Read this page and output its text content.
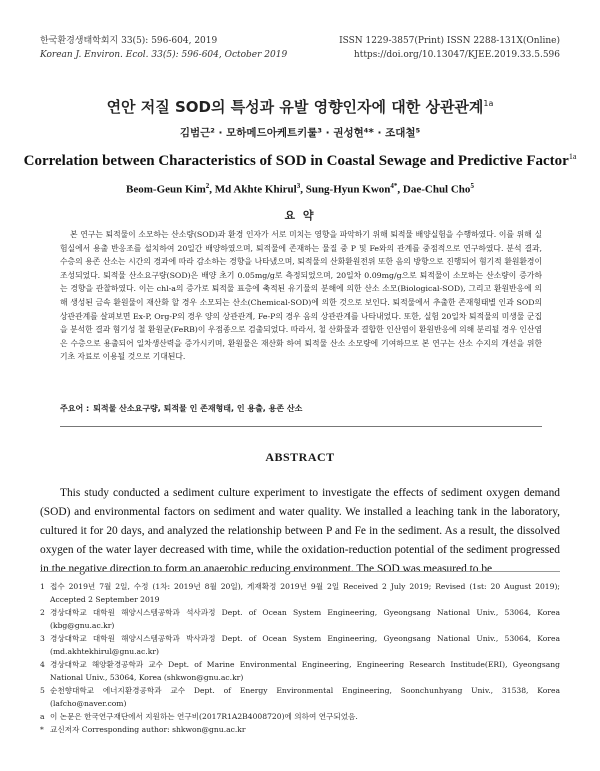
한국환경생태학회지 33(5): 596-604, 2019
Korean J. Environ. Ecol. 33(5): 596-604, October 2019
ISSN 1229-3857(Print) ISSN 2288-131X(Online)
https://doi.org/10.13047/KJEE.2019.33.5.596
연안 저질 SOD의 특성과 유발 영향인자에 대한 상관관계$^{1a}$
김범근² · 모하메드아케트키룰³ · 권성현⁴* · 조대철⁵
Correlation between Characteristics of SOD in Coastal Sewage and Predictive Factor$^{1a}$
Beom-Geun Kim$^2$, Md Akhte Khirul$^3$, Sung-Hyun Kwon$^{4*}$, Dae-Chul Cho$^5$
요 약
본 연구는 퇴적물이 소모하는 산소량(SOD)과 환경 인자가 서로 미치는 영향을 파악하기 위해 퇴적물 배양실험을 수행하였다. 이를 위해 실험실에서 용출 반응조를 설치하여 20일간 배양하였으며, 퇴적물에 존재하는 물질 중 P 및 Fe와의 관계를 중점적으로 연구하였다. 분석 결과, 수층의 용존 산소는 시간의 경과에 따라 감소하는 경향을 나타냈으며, 퇴적물의 산화환원전위 또한 음의 방향으로 진행되어 혐기적 환원환경이 조성되었다. 퇴적물 산소요구량(SOD)은 배양 초기 0.05mg/g로 측정되었으며, 20일차 0.09mg/g으로 퇴적물이 소모하는 산소량이 증가하는 경향을 관찰하였다. 이는 chl-a의 증가로 퇴적물 표층에 축적된 유기물의 분해에 의한 산소 소모(Biological-SOD), 그리고 환원반응에 의해 생성된 금속 환원물이 재산화 할 경우 소모되는 산소(Chemical-SOD)에 의한 것으로 보인다. 퇴적물에서 추출한 존재형태별 인과 SOD의 상관관계를 살펴보면 Ex-P, Org-P의 경우 양의 상관관계, Fe-P의 경우 음의 상관관계를 나타내었다. 또한, 실험 20일차 퇴적물의 미생물 군집을 분석한 결과 혐기성 철 환원균(FeRB)이 우점종으로 검출되었다. 따라서, 철 산화물과 결합한 인산염이 환원반응에 의해 분리될 경우 인산염은 수층으로 용출되어 일차생산력을 증가시키며, 환원물은 재산화 하여 퇴적물 산소 소모량에 기여하므로 본 연구는 산소 수지의 개선을 위한 기초 자료로 이용될 것으로 기대된다.
주요어 : 퇴적물 산소요구량, 퇴적물 인 존재형태, 인 용출, 용존 산소
ABSTRACT
This study conducted a sediment culture experiment to investigate the effects of sediment oxygen demand (SOD) and environmental factors on sediment and water quality. We installed a leaching tank in the laboratory, cultured it for 20 days, and analyzed the relationship between P and Fe in the sediment. As a result, the dissolved oxygen of the water layer decreased with time, while the oxidation-reduction potential of the sediment progressed in the negative direction to form an anaerobic reducing environment. The SOD was measured to be
1 접수 2019년 7월 2일, 수정 (1차: 2019년 8월 20일), 게재확정 2019년 9월 2일 Received 2 July 2019; Revised (1st: 20 August 2019); Accepted 2 September 2019
2 경상대학교 대학원 해양시스템공학과 석사과정 Dept. of Ocean System Engineering, Gyeongsang National Univ., 53064, Korea (kbg@gnu.ac.kr)
3 경상대학교 대학원 해양시스템공학과 박사과정 Dept. of Ocean System Engineering, Gyeongsang National Univ., 53064, Korea (md.akhtekhirul@gnu.ac.kr)
4 경상대학교 해양환경공학과 교수 Dept. of Marine Environmental Engineering, Engineering Research Institude(ERI), Gyeongsang National Univ., 53064, Korea (shkwon@gnu.ac.kr)
5 순천향대학교 에너지환경공학과 교수 Dept. of Energy Environmental Engineering, Soonchunhyang Univ., 31538, Korea (lafcho@naver.com)
a 이 논문은 한국연구재단에서 지원하는 연구비(2017R1A2B4008720)에 의하여 연구되었음.
* 교신저자 Corresponding author: shkwon@gnu.ac.kr
